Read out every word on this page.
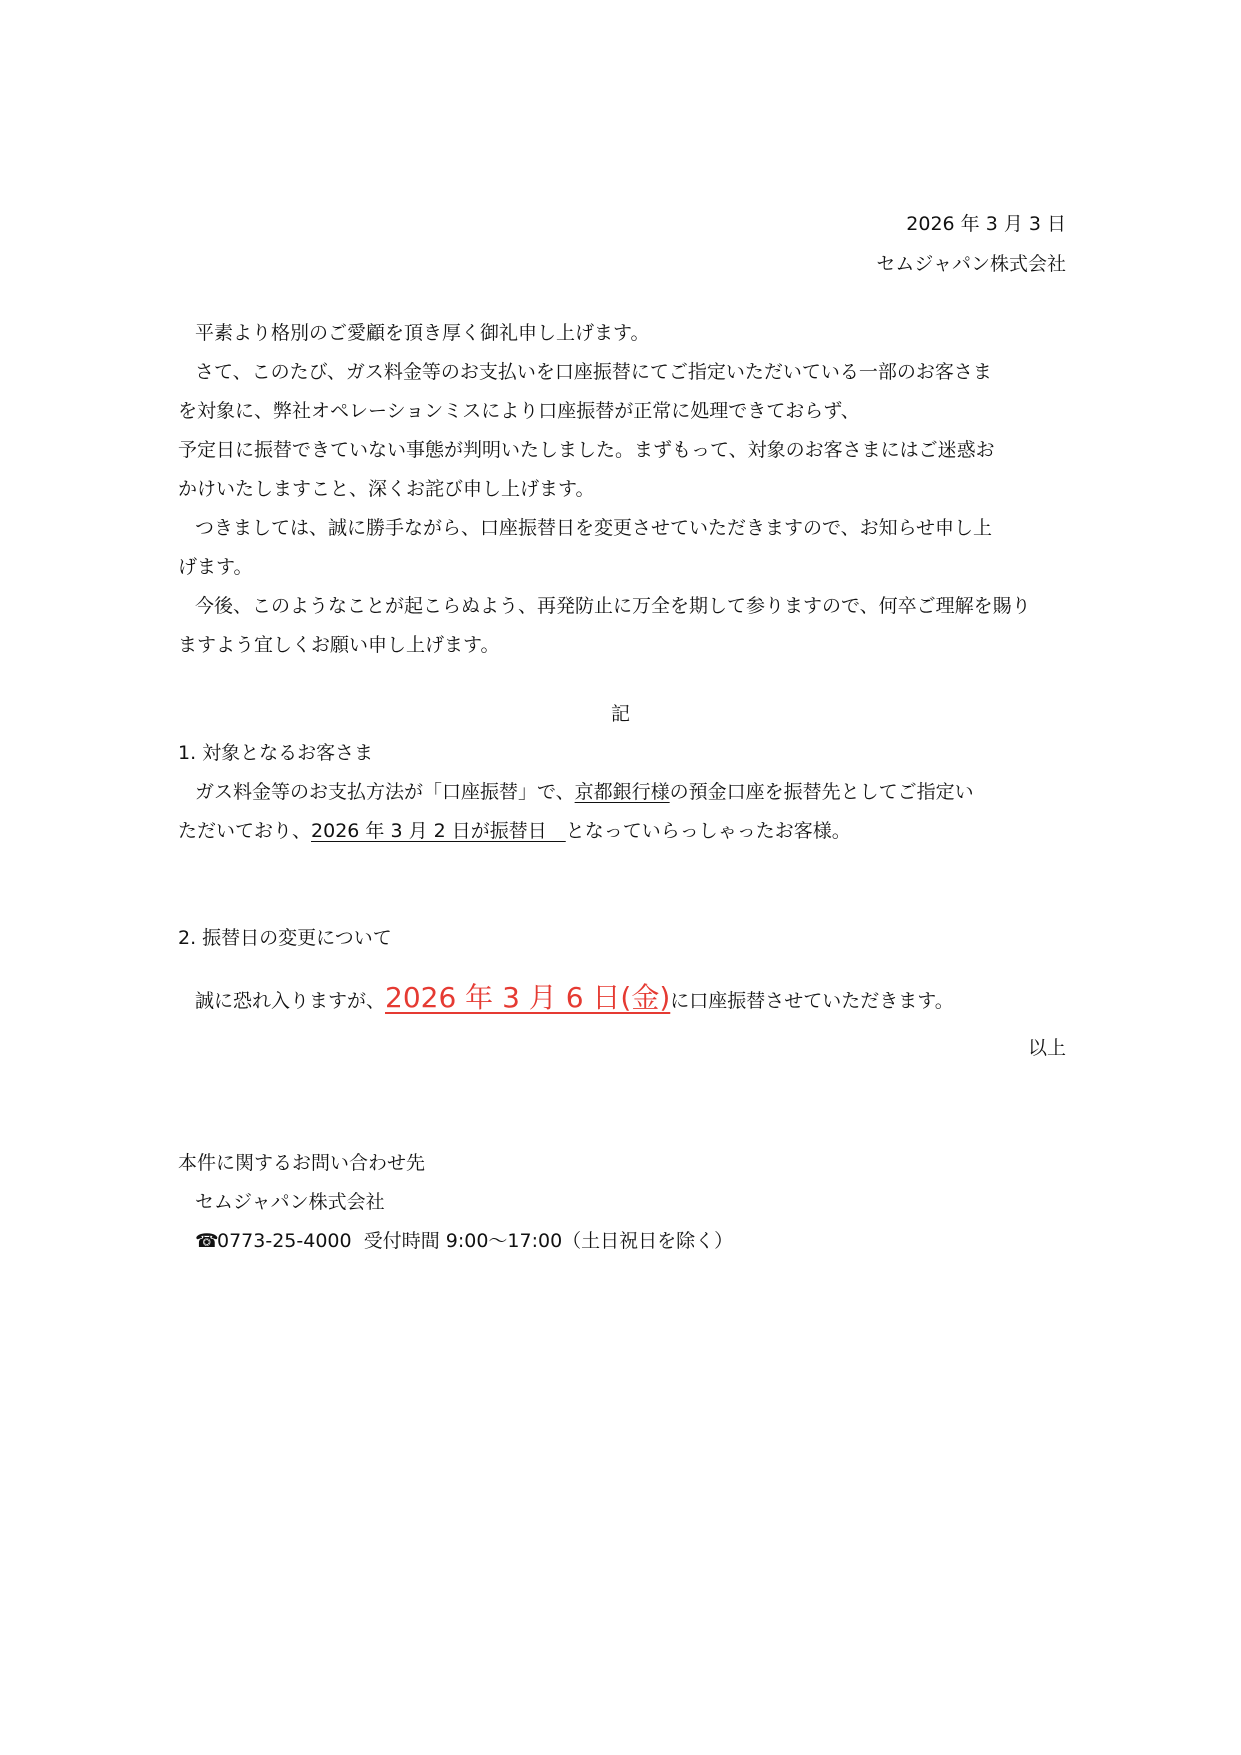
2026 年 3 月 3 日

セムジャパン株式会社

平素より格別のご愛顧を頂き厚く御礼申し上げます。

さて、このたび、ガス料金等のお支払いを口座振替にてご指定いただいている一部のお客さま

を対象に、弊社オペレーションミスにより口座振替が正常に処理できておらず、

予定日に振替できていない事態が判明いたしました。まずもって、対象のお客さまにはご迷惑お

かけいたしますこと、深くお詫び申し上げます。

つきましては、誠に勝手ながら、口座振替日を変更させていただきますので、お知らせ申し上

げます。

今後、このようなことが起こらぬよう、再発防止に万全を期して参りますので、何卒ご理解を賜り

ますよう宜しくお願い申し上げます。

記

1. 対象となるお客さま

ガス料金等のお支払方法が「口座振替」で、京都銀行様の預金口座を振替先としてご指定い

ただいており、2026 年 3 月 2 日が振替日　となっていらっしゃったお客様。

2. 振替日の変更について

誠に恐れ入りますが、2026 年 3 月 6 日(金)に口座振替させていただきます。

以上

本件に関するお問い合わせ先

セムジャパン株式会社

☎0773-25-4000 受付時間 9:00～17:00（土日祝日を除く）
